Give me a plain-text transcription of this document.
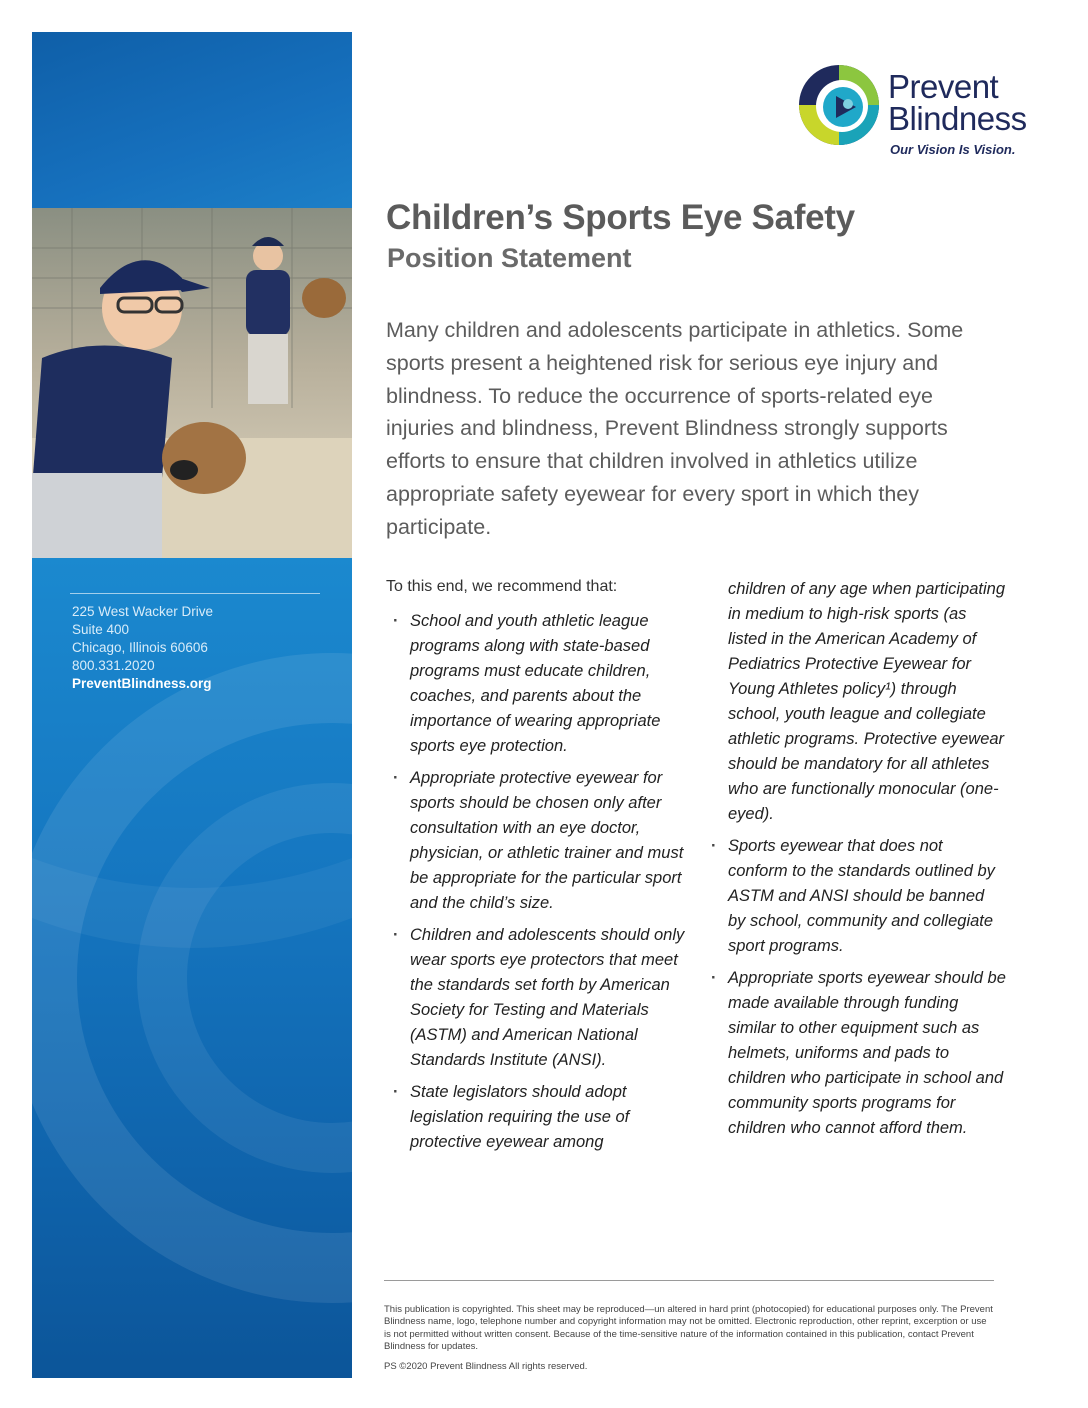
225 West Wacker Drive
Suite 400
Chicago, Illinois 60606
800.331.2020
PreventBlindness.org
Prevent
Blindness
Our Vision Is Vision.
Children’s Sports Eye Safety
Position Statement

Many children and adolescents participate in athletics. Some sports present a heightened risk for serious eye injury and blindness. To reduce the occurrence of sports-related eye injuries and blindness, Prevent Blindness strongly supports efforts to ensure that children involved in athletics utilize appropriate safety eyewear for every sport in which they participate.

To this end, we recommend that:

· School and youth athletic league programs along with state-based programs must educate children, coaches, and parents about the importance of wearing appropriate sports eye protection.
· Appropriate protective eyewear for sports should be chosen only after consultation with an eye doctor, physician, or athletic trainer and must be appropriate for the particular sport and the child’s size.
· Children and adolescents should only wear sports eye protectors that meet the standards set forth by American Society for Testing and Materials (ASTM) and American National Standards Institute (ANSI).
· State legislators should adopt legislation requiring the use of protective eyewear among
children of any age when participating in medium to high-risk sports (as listed in the American Academy of Pediatrics Protective Eyewear for Young Athletes policy¹) through school, youth league and collegiate athletic programs. Protective eyewear should be mandatory for all athletes who are functionally monocular (one-eyed).
· Sports eyewear that does not conform to the standards outlined by ASTM and ANSI should be banned by school, community and collegiate sport programs.
· Appropriate sports eyewear should be made available through funding similar to other equipment such as helmets, uniforms and pads to children who participate in school and community sports programs for children who cannot afford them.

This publication is copyrighted. This sheet may be reproduced—un altered in hard print (photocopied) for educational purposes only. The Prevent Blindness name, logo, telephone number and copyright information may not be omitted. Electronic reproduction, other reprint, excerption or use is not permitted without written consent. Because of the time-sensitive nature of the information contained in this publication, contact Prevent Blindness for updates.

PS ©2020 Prevent Blindness All rights reserved.
